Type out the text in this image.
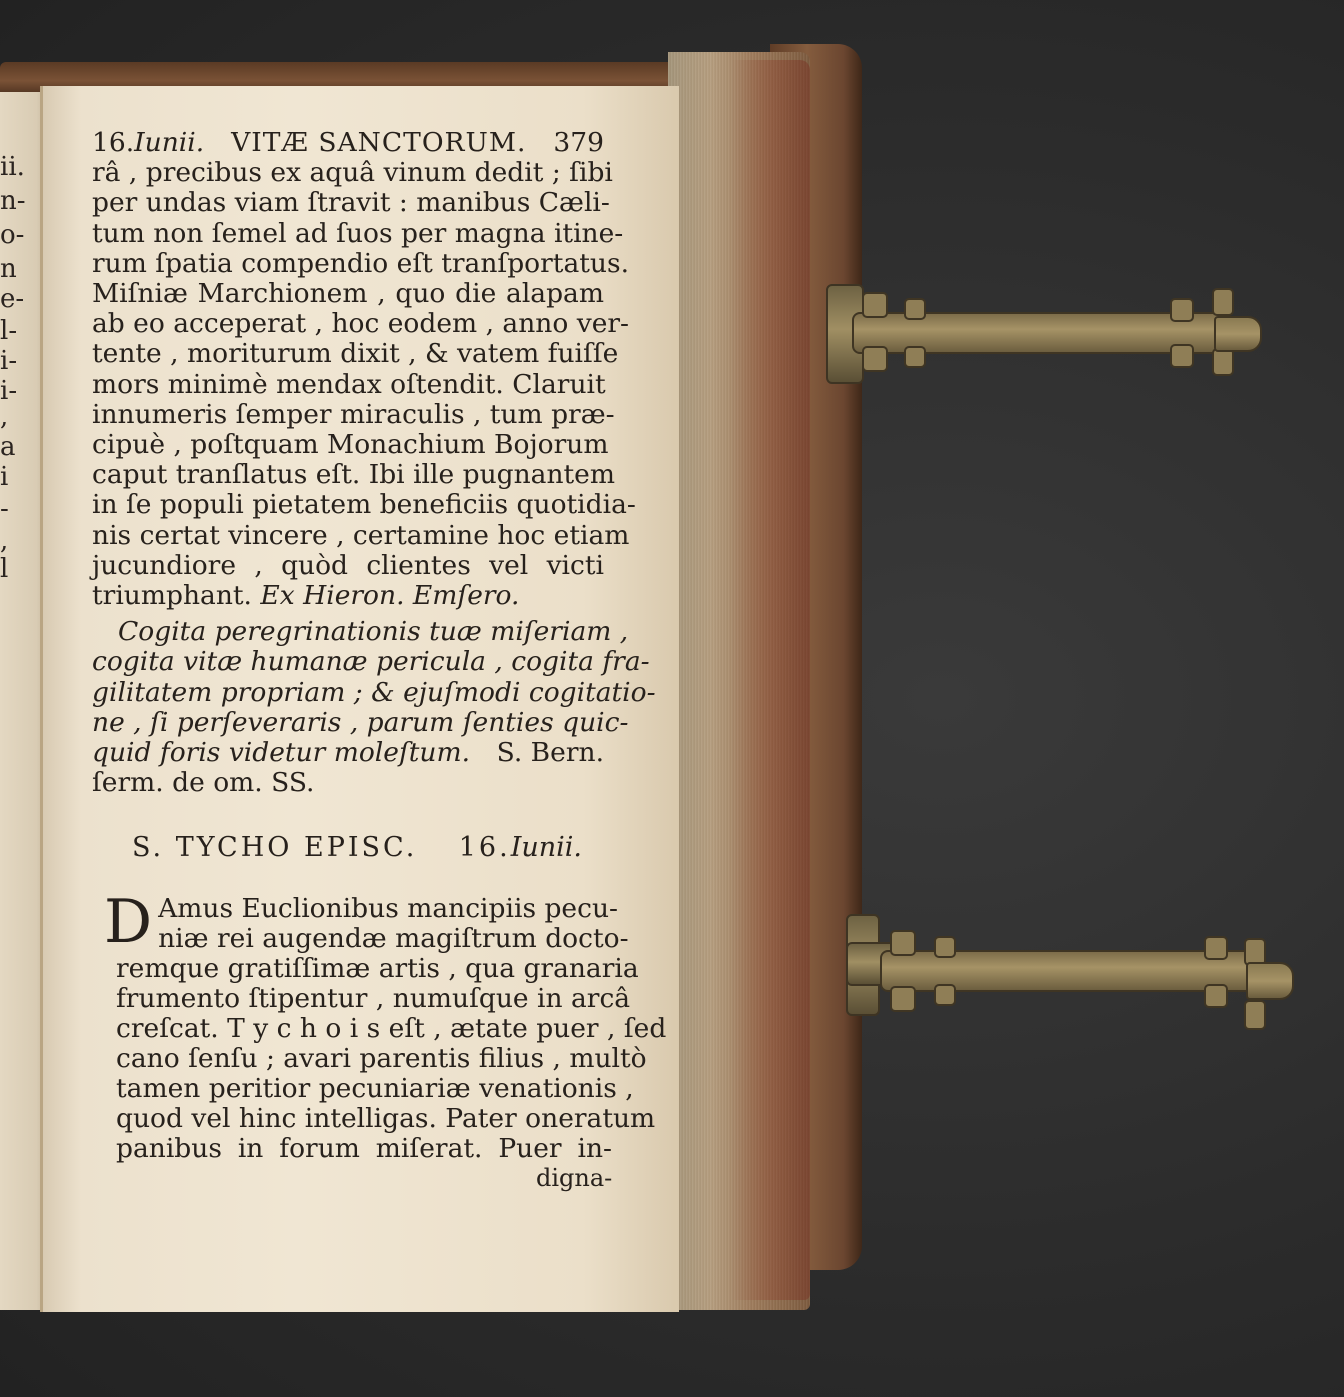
ii.
n-
o-
n
e-
l-
i-
i-
,
a
i
-
,
l
16.Iunii. VITÆ SANCTORUM. 379
râ , precibus ex aquâ vinum dedit ; ſibi
per undas viam ſtravit : manibus Cæli-
tum non ſemel ad ſuos per magna itine-
rum ſpatia compendio eſt tranſportatus.
Miſniæ Marchionem , quo die alapam
ab eo acceperat , hoc eodem , anno ver-
tente , moriturum dixit , & vatem fuiſſe
mors minimè mendax oſtendit. Claruit
innumeris ſemper miraculis , tum præ-
cipuè , poſtquam Monachium Bojorum
caput tranſlatus eſt. Ibi ille pugnantem
in ſe populi pietatem beneficiis quotidia-
nis certat vincere , certamine hoc etiam
jucundiore , quòd clientes vel victi
triumphant. Ex Hieron. Emſero.
Cogita peregrinationis tuæ miſeriam ,
cogita vitæ humanæ pericula , cogita fra-
gilitatem propriam ; & ejuſmodi cogitatio-
ne , ſi perſeveraris , parum ſenties quic-
quid foris videtur moleſtum. S. Bern.
ſerm. de om. SS.
S. TYCHO EPISC. 16.Iunii.
D Amus Euclionibus mancipiis pecu-
niæ rei augendæ magiſtrum docto-
remque gratiſſimæ artis , qua granaria
frumento ſtipentur , numuſque in arcâ
creſcat. T y c h o i s eſt , ætate puer , ſed
cano ſenſu ; avari parentis filius , multò
tamen peritior pecuniariæ venationis ,
quod vel hinc intelligas. Pater oneratum
panibus in forum miſerat. Puer in-
digna-
